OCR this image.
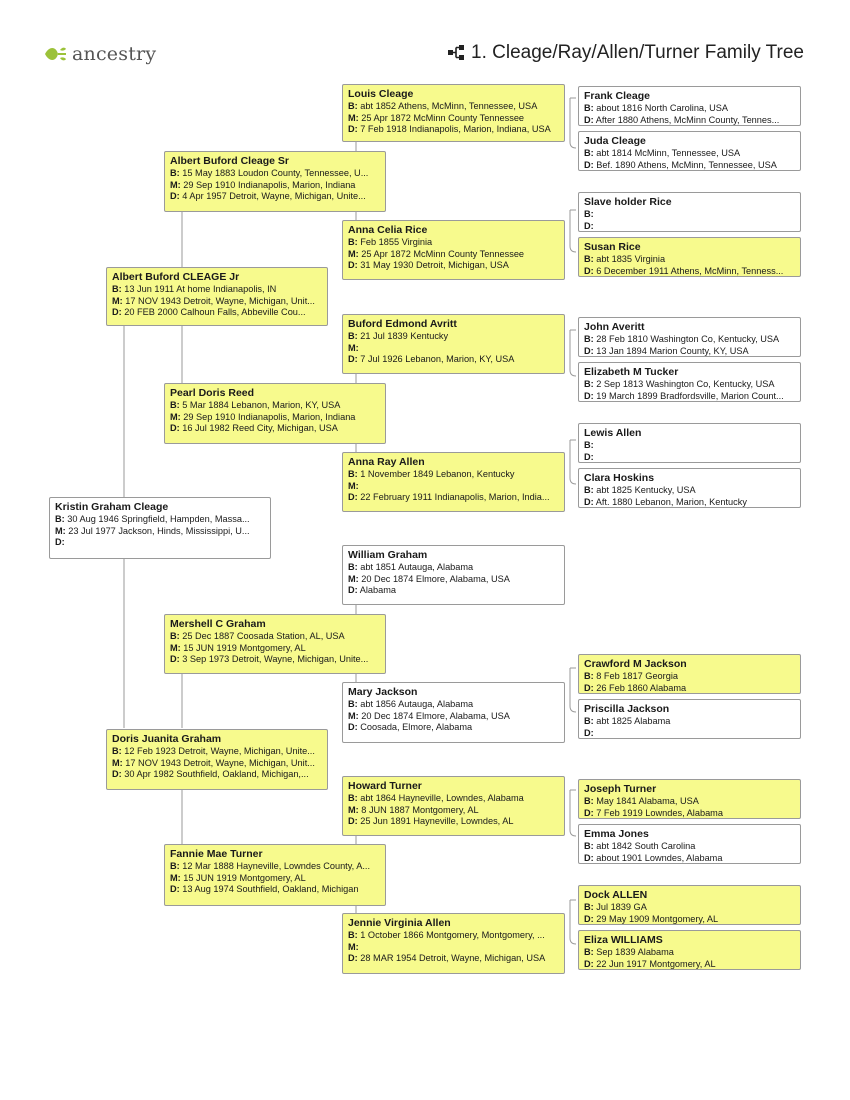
ancestry	1. Cleage/Ray/Allen/Turner Family Tree
Kristin Graham Cleage
B: 30 Aug 1946 Springfield, Hampden, Massa...
M: 23 Jul 1977 Jackson, Hinds, Mississippi, U...
D:
Albert Buford CLEAGE Jr
B: 13 Jun 1911 At home Indianapolis, IN
M: 17 NOV 1943 Detroit, Wayne, Michigan, Unit...
D: 20 FEB 2000 Calhoun Falls, Abbeville Cou...
Doris Juanita Graham
B: 12 Feb 1923 Detroit, Wayne, Michigan, Unite...
M: 17 NOV 1943 Detroit, Wayne, Michigan, Unit...
D: 30 Apr 1982 Southfield, Oakland, Michigan,...
Albert Buford Cleage Sr
B: 15 May 1883 Loudon County, Tennessee, U...
M: 29 Sep 1910 Indianapolis, Marion, Indiana
D: 4 Apr 1957 Detroit, Wayne, Michigan, Unite...
Pearl Doris Reed
B: 5 Mar 1884 Lebanon, Marion, KY, USA
M: 29 Sep 1910 Indianapolis, Marion, Indiana
D: 16 Jul 1982 Reed City, Michigan, USA
Mershell C Graham
B: 25 Dec 1887 Coosada Station, AL, USA
M: 15 JUN 1919 Montgomery, AL
D: 3 Sep 1973 Detroit, Wayne, Michigan, Unite...
Fannie Mae Turner
B: 12 Mar 1888 Hayneville, Lowndes County, A...
M: 15 JUN 1919 Montgomery, AL
D: 13 Aug 1974 Southfield, Oakland, Michigan
Louis Cleage
B: abt 1852 Athens, McMinn, Tennessee, USA
M: 25 Apr 1872 McMinn County Tennessee
D: 7 Feb 1918 Indianapolis, Marion, Indiana, USA
Anna Celia Rice
B: Feb 1855 Virginia
M: 25 Apr 1872 McMinn County Tennessee
D: 31 May 1930 Detroit, Michigan, USA
Buford Edmond Avritt
B: 21 Jul 1839 Kentucky
M:
D: 7 Jul 1926 Lebanon, Marion, KY, USA
Anna Ray Allen
B: 1 November 1849 Lebanon, Kentucky
M:
D: 22 February 1911 Indianapolis, Marion, India...
William Graham
B: abt 1851 Autauga, Alabama
M: 20 Dec 1874 Elmore, Alabama, USA
D: Alabama
Mary Jackson
B: abt 1856 Autauga, Alabama
M: 20 Dec 1874 Elmore, Alabama, USA
D: Coosada, Elmore, Alabama
Howard Turner
B: abt 1864 Hayneville, Lowndes, Alabama
M: 8 JUN 1887 Montgomery, AL
D: 25 Jun 1891 Hayneville, Lowndes, AL
Jennie Virginia Allen
B: 1 October 1866 Montgomery, Montgomery, ...
M:
D: 28 MAR 1954 Detroit, Wayne, Michigan, USA
Frank Cleage
B: about 1816 North Carolina, USA
D: After 1880 Athens, McMinn County, Tennes...
Juda Cleage
B: abt 1814 McMinn, Tennessee, USA
D: Bef. 1890 Athens, McMinn, Tennessee, USA
Slave holder Rice
B:
D:
Susan Rice
B: abt 1835 Virginia
D: 6 December 1911 Athens, McMinn, Tenness...
John Averitt
B: 28 Feb 1810 Washington Co, Kentucky, USA
D: 13 Jan 1894 Marion County, KY, USA
Elizabeth M Tucker
B: 2 Sep 1813 Washington Co, Kentucky, USA
D: 19 March 1899 Bradfordsville, Marion Count...
Lewis Allen
B:
D:
Clara Hoskins
B: abt 1825 Kentucky, USA
D: Aft. 1880 Lebanon, Marion, Kentucky
Crawford M Jackson
B: 8 Feb 1817 Georgia
D: 26 Feb 1860 Alabama
Priscilla Jackson
B: abt 1825 Alabama
D:
Joseph Turner
B: May 1841 Alabama, USA
D: 7 Feb 1919 Lowndes, Alabama
Emma Jones
B: abt 1842 South Carolina
D: about 1901 Lowndes, Alabama
Dock ALLEN
B: Jul 1839 GA
D: 29 May 1909 Montgomery, AL
Eliza WILLIAMS
B: Sep 1839 Alabama
D: 22 Jun 1917 Montgomery, AL
